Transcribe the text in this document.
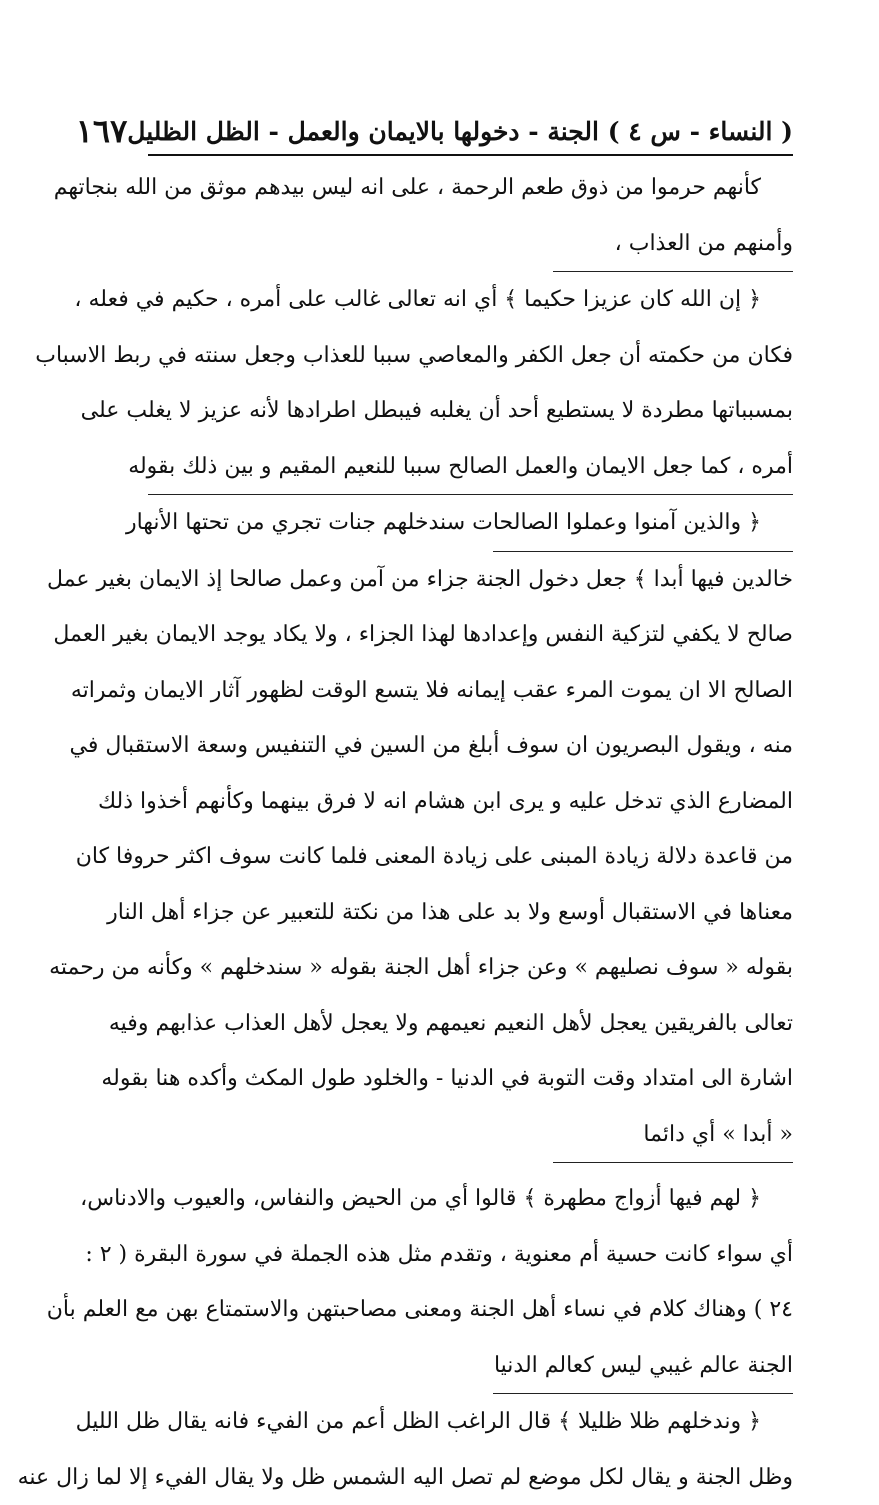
( النساء - س ٤ ) الجنة - دخولها بالايمان والعمل - الظل الظليل
١٦٧
كأنهم حرموا من ذوق طعم الرحمة ، على انه ليس بيدهم موثق من الله بنجاتهم
وأمنهم من العذاب ،
﴿ إن الله كان عزيزا حكيما ﴾ أي انه تعالى غالب على أمره ، حكيم في فعله ،
فكان من حكمته أن جعل الكفر والمعاصي سببا للعذاب وجعل سنته في ربط الاسباب
بمسبباتها مطردة لا يستطيع أحد أن يغلبه فيبطل اطرادها لأنه عزيز لا يغلب على
أمره ، كما جعل الايمان والعمل الصالح سببا للنعيم المقيم و بين ذلك بقوله
﴿ والذين آمنوا وعملوا الصالحات سندخلهم جنات تجري من تحتها الأنهار
خالدين فيها أبدا ﴾ جعل دخول الجنة جزاء من آمن وعمل صالحا إذ الايمان بغير عمل
صالح لا يكفي لتزكية النفس وإعدادها لهذا الجزاء ، ولا يكاد يوجد الايمان بغير العمل
الصالح الا ان يموت المرء عقب إيمانه فلا يتسع الوقت لظهور آثار الايمان وثمراته
منه ، ويقول البصريون ان سوف أبلغ من السين في التنفيس وسعة الاستقبال في
المضارع الذي تدخل عليه و يرى ابن هشام انه لا فرق بينهما وكأنهم أخذوا ذلك
من قاعدة دلالة زيادة المبنى على زيادة المعنى فلما كانت سوف اكثر حروفا كان
معناها في الاستقبال أوسع ولا بد على هذا من نكتة للتعبير عن جزاء أهل النار
بقوله « سوف نصليهم » وعن جزاء أهل الجنة بقوله « سندخلهم » وكأنه من رحمته
تعالى بالفريقين يعجل لأهل النعيم نعيمهم ولا يعجل لأهل العذاب عذابهم وفيه
اشارة الى امتداد وقت التوبة في الدنيا - والخلود طول المكث وأكده هنا بقوله
« أبدا » أي دائما
﴿ لهم فيها أزواج مطهرة ﴾ قالوا أي من الحيض والنفاس، والعيوب والادناس،
أي سواء كانت حسية أم معنوية ، وتقدم مثل هذه الجملة في سورة البقرة ( ٢ :
٢٤ ) وهناك كلام في نساء أهل الجنة ومعنى مصاحبتهن والاستمتاع بهن مع العلم بأن
الجنة عالم غيبي ليس كعالم الدنيا
﴿ وندخلهم ظلا ظليلا ﴾ قال الراغب الظل أعم من الفيء فانه يقال ظل الليل
وظل الجنة و يقال لكل موضع لم تصل اليه الشمس ظل ولا يقال الفيء إلا لما زال عنه
